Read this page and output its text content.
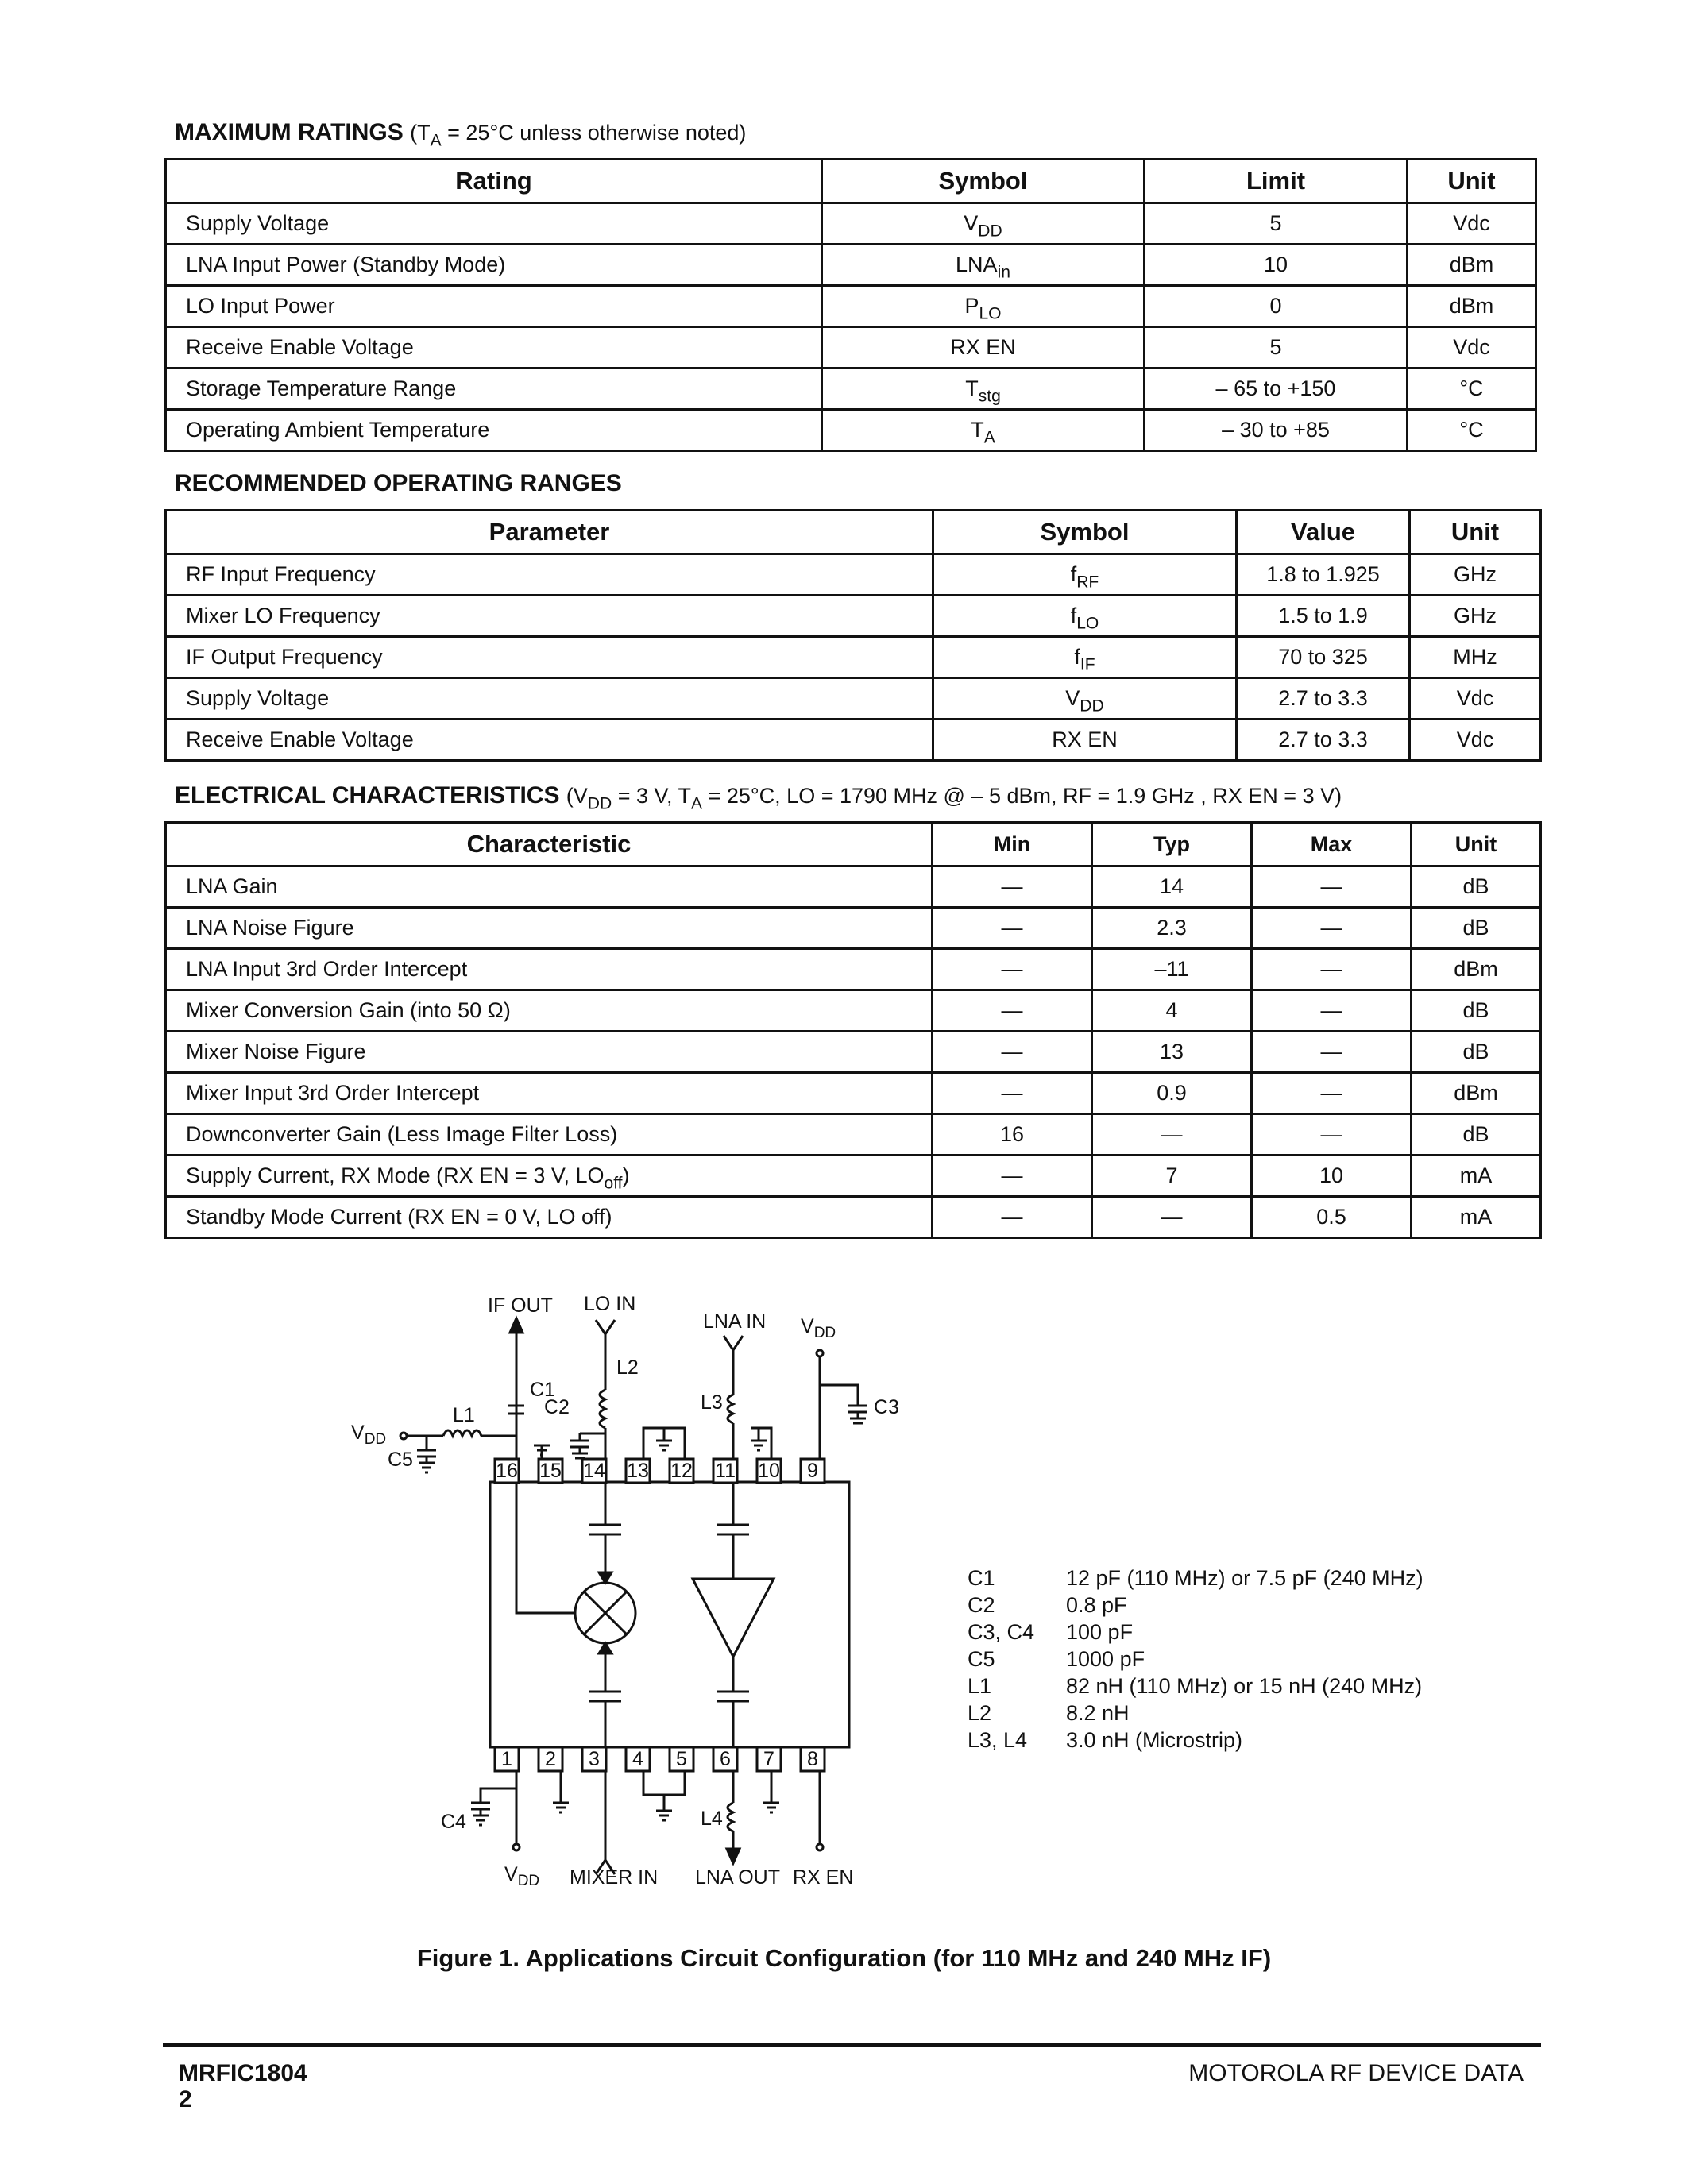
MAXIMUM RATINGS ($T_A = 25^\circ C$ unless otherwise noted)
Rating	Symbol	Limit	Unit
Supply Voltage	$V_{DD}$	5	Vdc
LNA Input Power (Standby Mode)	$LNA_{in}$	10	dBm
LO Input Power	$P_{LO}$	0	dBm
Receive Enable Voltage	RX EN	5	Vdc
Storage Temperature Range	$T_{stg}$	– 65 to +150	°C
Operating Ambient Temperature	$T_A$	– 30 to +85	°C
RECOMMENDED OPERATING RANGES
Parameter	Symbol	Value	Unit
RF Input Frequency	$f_{RF}$	1.8 to 1.925	GHz
Mixer LO Frequency	$f_{LO}$	1.5 to 1.9	GHz
IF Output Frequency	$f_{IF}$	70 to 325	MHz
Supply Voltage	$V_{DD}$	2.7 to 3.3	Vdc
Receive Enable Voltage	RX EN	2.7 to 3.3	Vdc
ELECTRICAL CHARACTERISTICS ($V_{DD} = 3$ V, $T_A = 25^\circ C$, LO = 1790 MHz @ – 5 dBm, RF = 1.9 GHz , RX EN = 3 V)
Characteristic	Min	Typ	Max	Unit
LNA Gain	—	14	—	dB
LNA Noise Figure	—	2.3	—	dB
LNA Input 3rd Order Intercept	—	–11	—	dBm
Mixer Conversion Gain (into 50 Ω)	—	4	—	dB
Mixer Noise Figure	—	13	—	dB
Mixer Input 3rd Order Intercept	—	0.9	—	dBm
Downconverter Gain (Less Image Filter Loss)	16	—	—	dB
Supply Current, RX Mode (RX EN = 3 V, $LO_{off}$)	—	7	10	mA
Standby Mode Current (RX EN = 0 V, LO off)	—	—	0.5	mA
16 15 14 13 12 11 10 9
1 2 3 4 5 6 7 8
IF OUT LO IN
LNA IN $V_{DD}$
$V_{DD}$
C1
C2	C3
C4
C5
L1
L2
L3
L4
$V_{DD}$ MIXER IN LNA OUT RX EN
C1	12 pF (110 MHz) or 7.5 pF (240 MHz)
C2	0.8 pF
C3, C4	100 pF
C5	1000 pF
L1	82 nH (110 MHz) or 15 nH (240 MHz)
L2	8.2 nH
L3, L4	3.0 nH (Microstrip)
Figure 1. Applications Circuit Configuration (for 110 MHz and 240 MHz IF)
MRFIC1804
2
MOTOROLA RF DEVICE DATA
